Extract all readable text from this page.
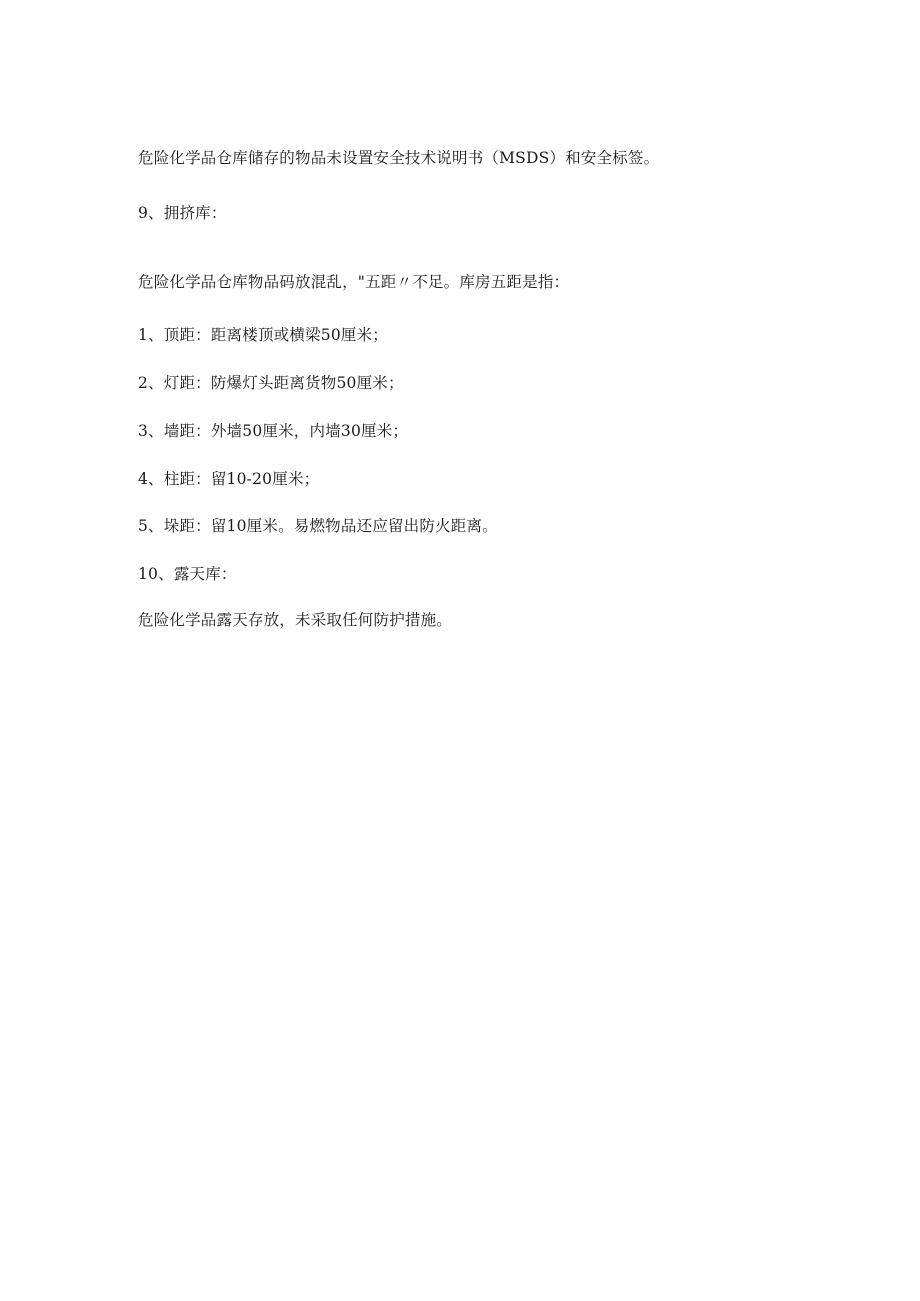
危险化学品仓库储存的物品未设置安全技术说明书（MSDS）和安全标签。
9、拥挤库：
危险化学品仓库物品码放混乱，"五距〃不足。库房五距是指：
1、顶距：距离楼顶或横梁50厘米；
2、灯距：防爆灯头距离货物50厘米；
3、墙距：外墙50厘米，内墙30厘米；
4、柱距：留10-20厘米；
5、垛距：留10厘米。易燃物品还应留出防火距离。
10、露天库：
危险化学品露天存放，未采取任何防护措施。
